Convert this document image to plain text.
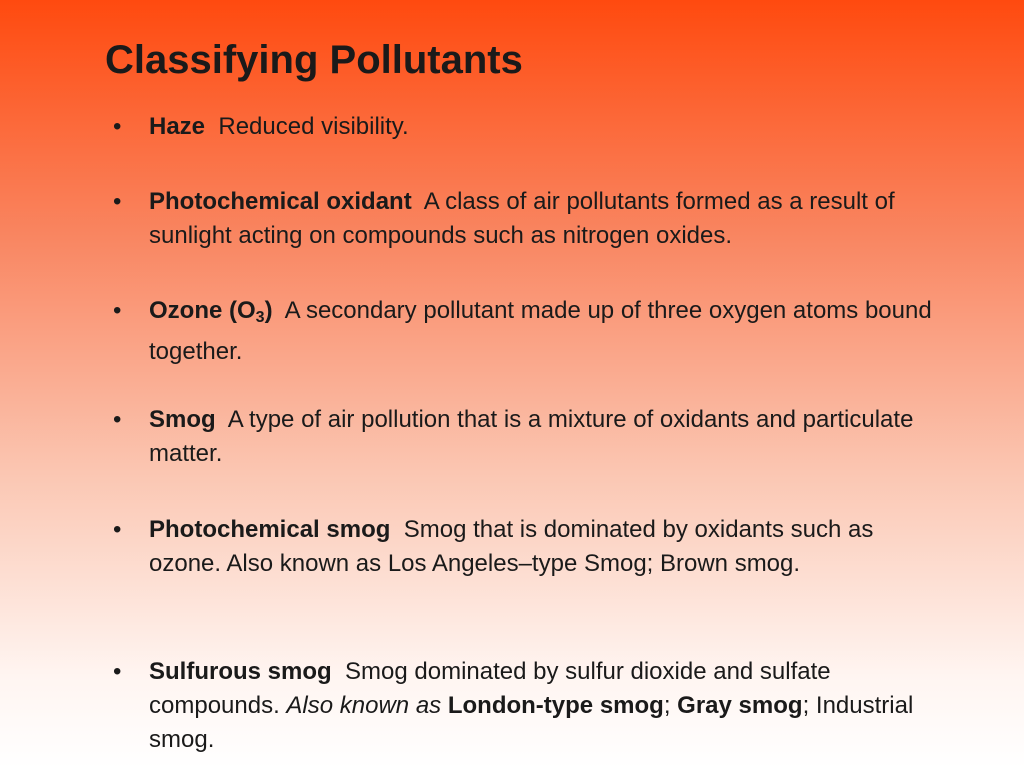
Classifying Pollutants
• Haze Reduced visibility.
• Photochemical oxidant A class of air pollutants formed as a result of sunlight acting on compounds such as nitrogen oxides.
• Ozone $(O_3)$ A secondary pollutant made up of three oxygen atoms bound together.
• Smog A type of air pollution that is a mixture of oxidants and particulate matter.
• Photochemical smog Smog that is dominated by oxidants such as ozone. Also known as Los Angeles–type Smog; Brown smog.
• Sulfurous smog Smog dominated by sulfur dioxide and sulfate compounds. Also known as London-type smog; Gray smog; Industrial smog.
